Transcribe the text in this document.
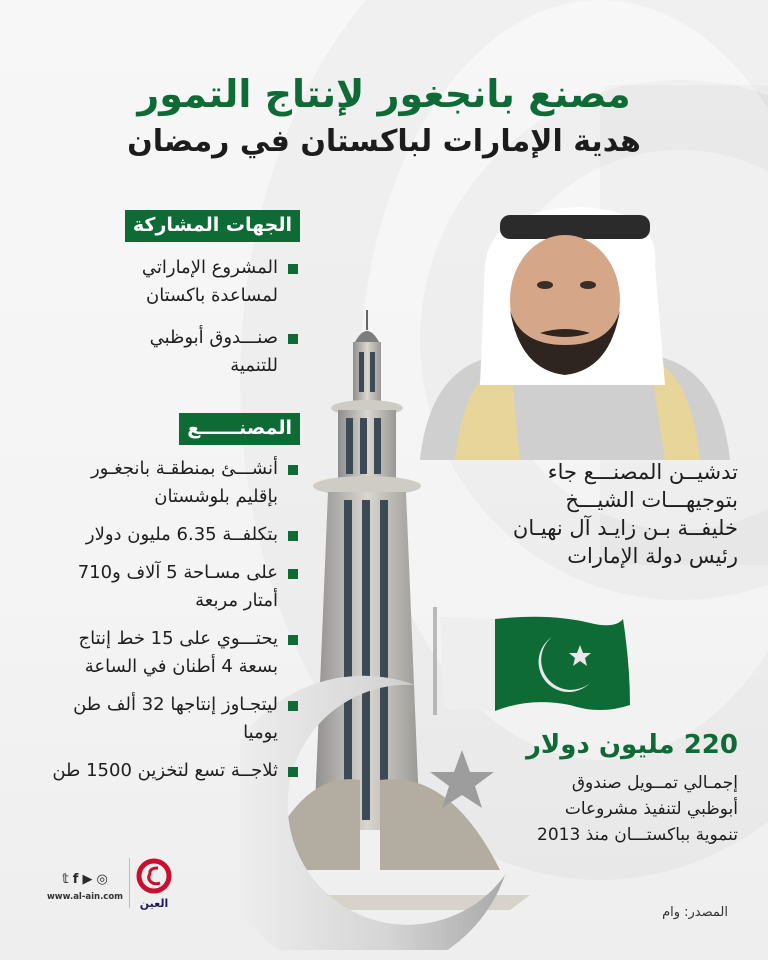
مصنع بانجغور لإنتاج التمور
هدية الإمارات لباكستان في رمضان
الجهات المشاركة
المشروع الإماراتي لمساعدة باكستان
صنـــدوق أبوظبي للتنمية
المصنــــــع
أنشـــئ بمنطقـة بانجغـور بإقليم بلوشستان
بتكلفــة 6.35 مليون دولار
على مسـاحة 5 آلاف و710 أمتار مربعة
يحتـــوي على 15 خط إنتاج بسعة 4 أطنان في الساعة
ليتجـاوز إنتاجها 32 ألف طن يوميا
ثلاجــة تسع لتخزين 1500 طن
تدشيــن المصنـــع جاء
بتوجيهـــات الشيـــخ
خليفــة بـن زايـد آل نهيـان
رئيس دولة الإمارات
220 مليون دولار
إجمـالي تمــويل صندوق أبوظبي لتنفيذ مشروعات تنموية بباكستـــان منذ 2013
𝕥 f ▶ ◎
www.al-ain.com	العين
المصدر: وام
